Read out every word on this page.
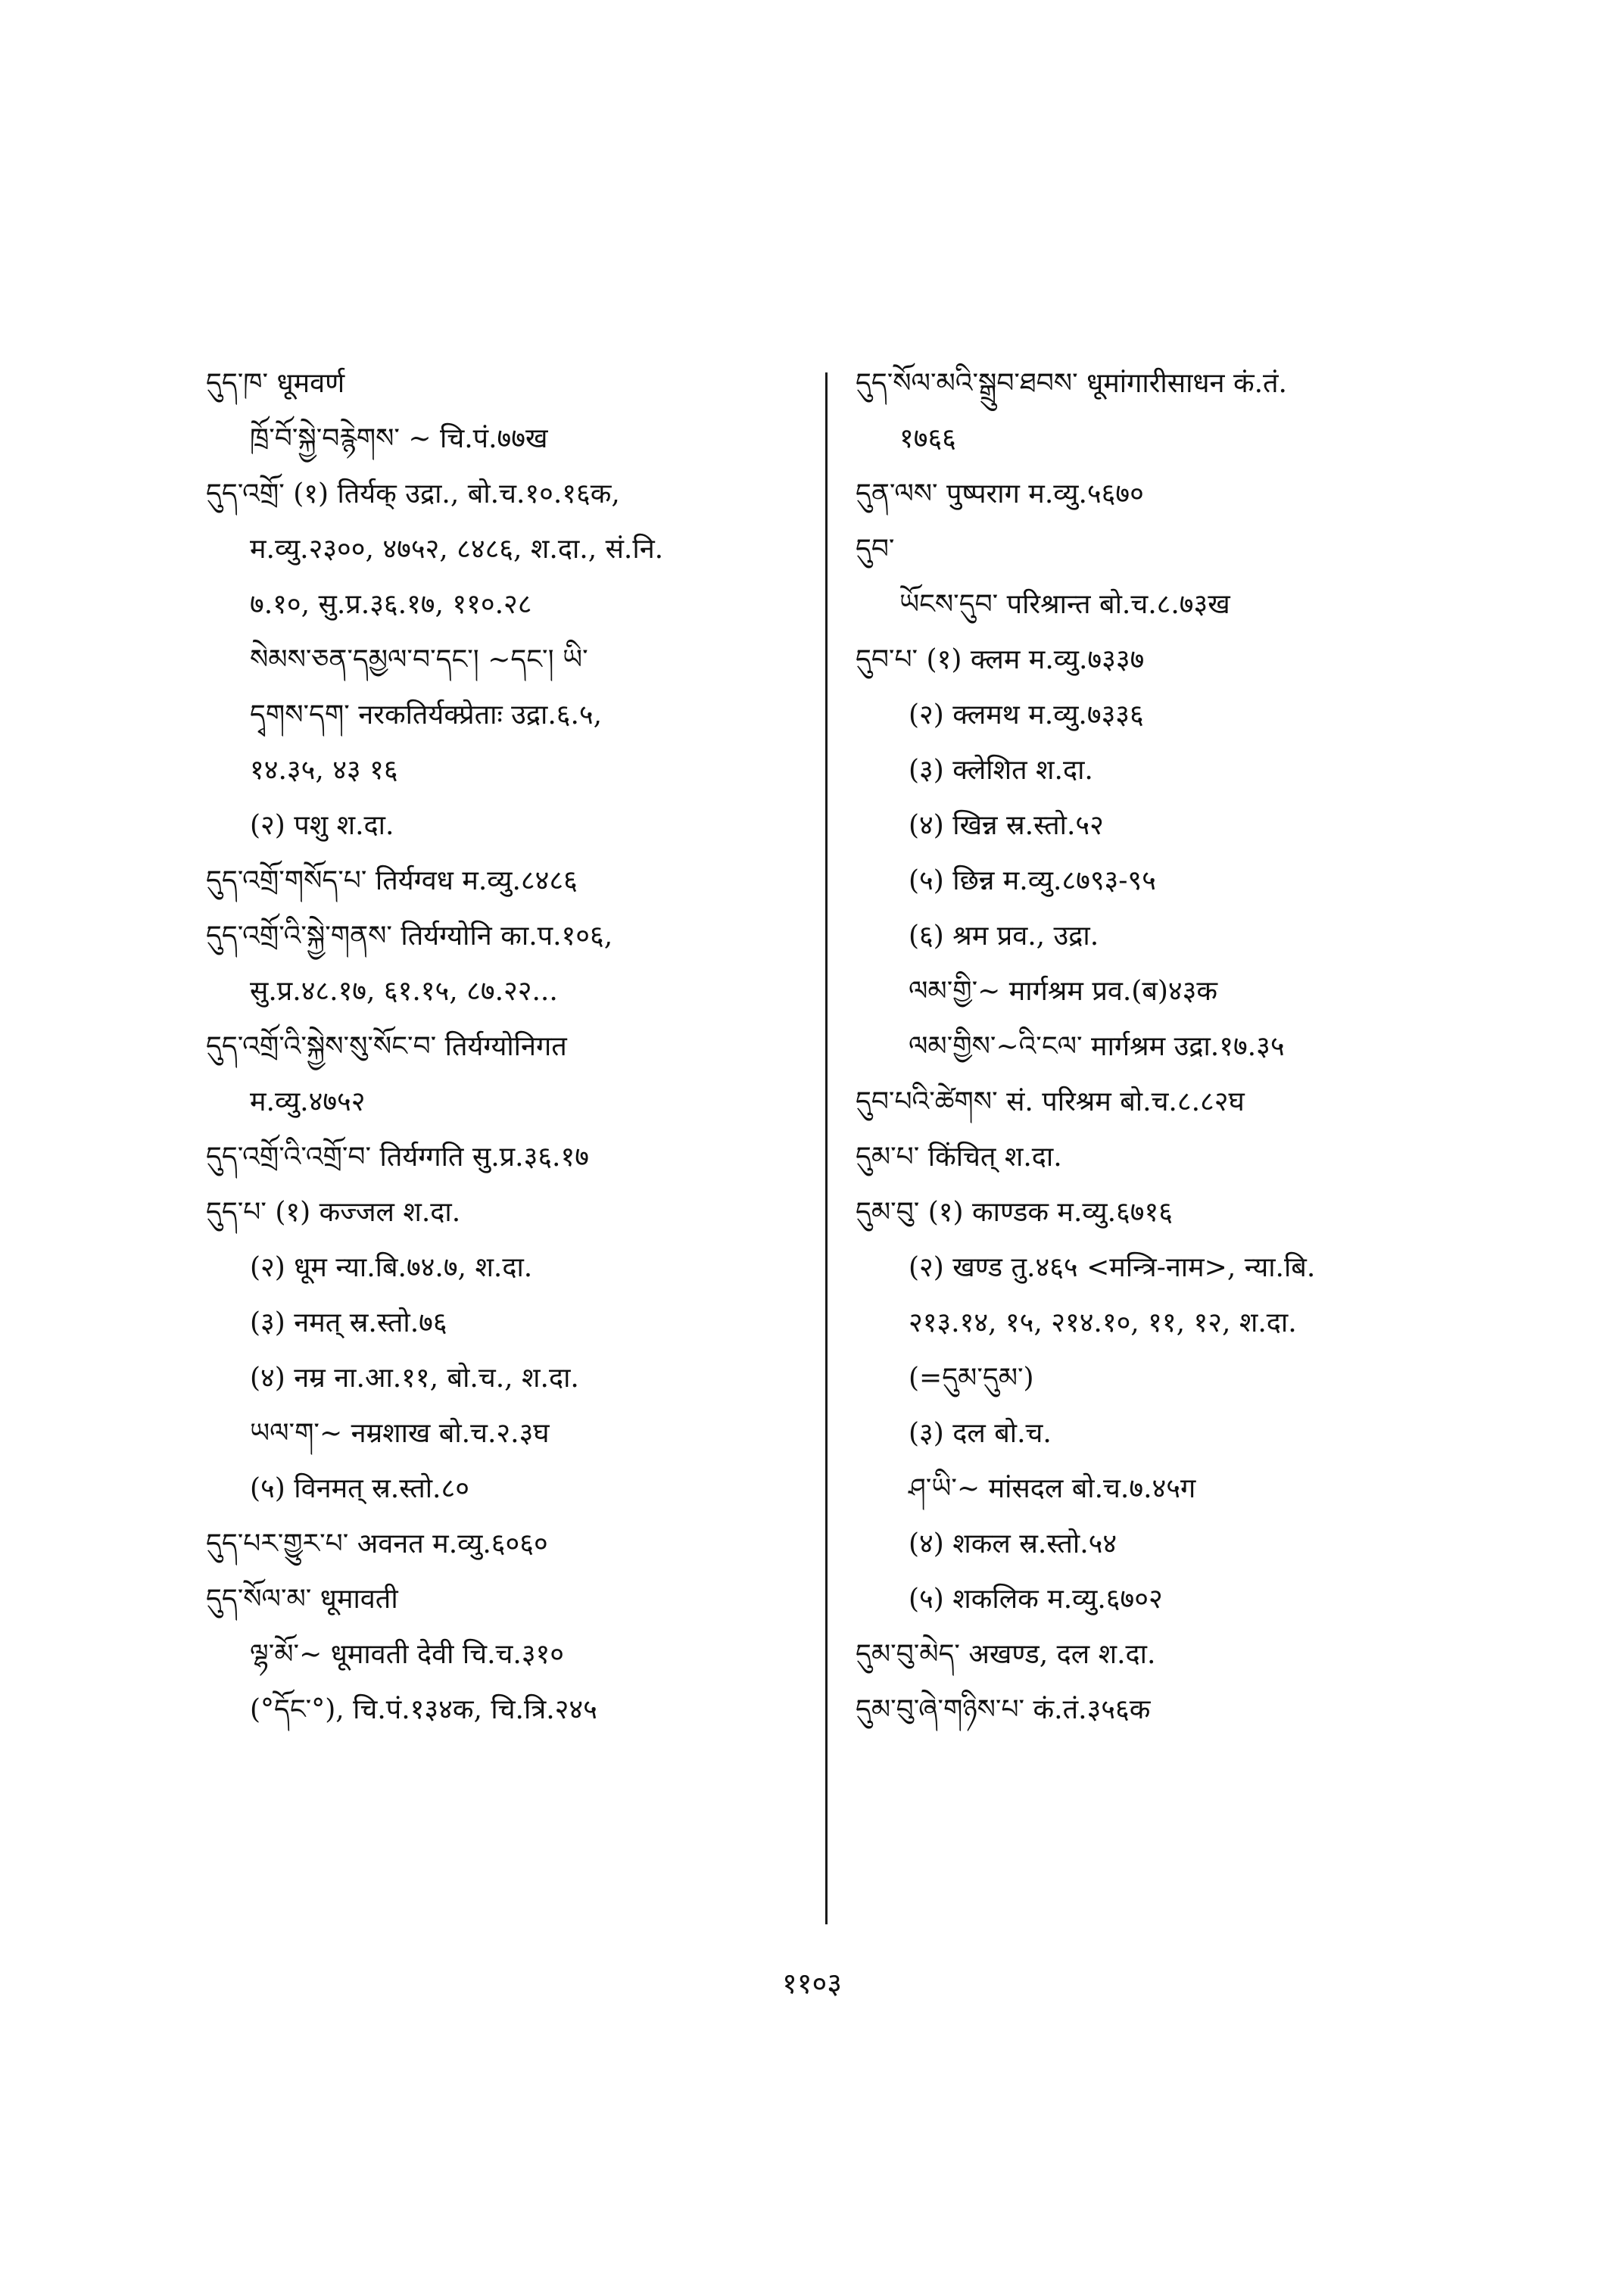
དུད་ཁ་ धूमवर्ण
ཁྲོ་བོ་སྐྱེ་བརྙེགས་ ~ चि.पं.७७ख
དུད་འགྲོ་ (१) तिर्यक् उद्रा., बो.च.१०.१६क,
म.व्यु.२३००, ४७५२, ८४८६, श.दा., सं.नि.
७.१०, सु.प्र.३६.१७, ११०.२८
སེམས་ཅན་དམྱལ་བ་དང་། ~དང་། ཡི་
དྭགས་དག་ नरकतिर्यक्प्रेताः उद्रा.६.५,
१४.३५, ४३ १६
(२) पशु श.दा.
དུད་འགྲོ་གསོད་པ་ तिर्यग्वध म.व्यु.८४८६
དུད་འགྲོ་འི་སྐྱེ་གནས་ तिर्यग्योनि का.प.१०६,
सु.प्र.४८.१७, ६१.१५, ८७.२२...
དུད་འགྲོ་འི་སྐྱེས་སུ་སོང་བ་ तिर्यग्योनिगत
म.व्यु.४७५२
དུད་འགྲོ་འི་འགྲོ་བ་ तिर्यग्गति सु.प्र.३६.१७
དུད་པ་ (१) कज्जल श.दा.
(२) धूम न्या.बि.७४.७, श.दा.
(३) नमत् स्र.स्तो.७६
(४) नम्र ना.आ.११, बो.च., श.दा.
ཡལ་ག་~ नम्रशाख बो.च.२.३घ
(५) विनमत् स्र.स्तो.८०
དུད་པར་གྱུར་པ་ अवनत म.व्यु.६०६०
དུད་སོལ་མ་ धूमावती
ལྷ་མོ་~ धूमावती देवी चि.च.३१०
(°དོང་°), चि.पं.१३४क, चि.त्रि.२४५
དུད་སོལ་མའི་སྒྲུབ་ཐབས་ धूमांगारीसाधन कं.तं.
१७६६
དུན་ལས་ पुष्पराग म.व्यु.५६७०
དུབ་
ཡོངས་དུབ་ परिश्रान्त बो.च.८.७३ख
དུབ་པ་ (१) क्लम म.व्यु.७३३७
(२) क्लमथ म.व्यु.७३३६
(३) क्लेशित श.दा.
(४) खिन्न स्र.स्तो.५२
(५) छिन्न म.व्यु.८७९३-९५
(६) श्रम प्रव., उद्रा.
ལམ་གྱི་~ मार्गश्रम प्रव.(ब)४३क
ལམ་གྱིས་~འི་ངལ་ मार्गश्रम उद्रा.१७.३५
དུབ་པའི་ཚེགས་ सं. परिश्रम बो.च.८.८२घ
དུམ་པ་ किंचित् श.दा.
དུམ་བུ་ (१) काण्डक म.व्यु.६७१६
(२) खण्ड तु.४६५ <मन्त्रि-नाम>, न्या.बि.
२१३.१४, १५, २१४.१०, ११, १२, श.दा.
(=དུམ་དུམ་)
(३) दल बो.च.
ཤ་ཡི་~ मांसदल बो.च.७.४५ग
(४) शकल स्र.स्तो.५४
(५) शकलिक म.व्यु.६७०२
དུམ་བུ་མེད་ अखण्ड, दल श.दा.
དུམ་བུ་ཞེ་གཉིས་པ་ कं.तं.३५६क
११०३
